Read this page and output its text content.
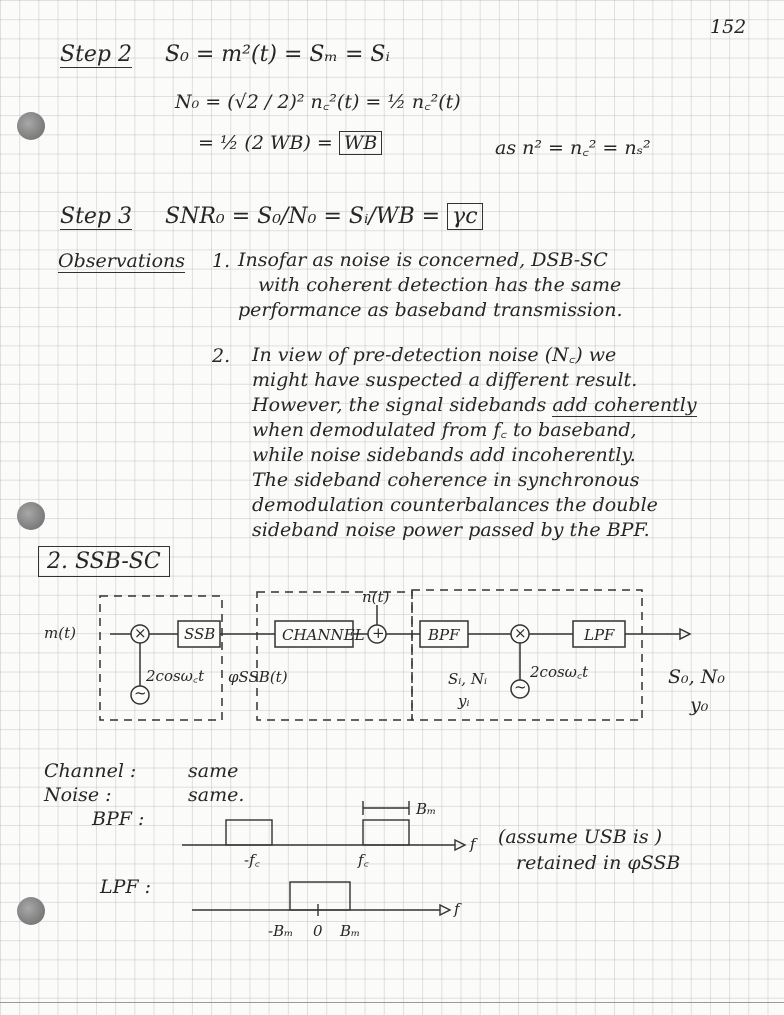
152
Step 2 S₀ = m²(t) = Sₘ = Sᵢ
N₀ = (√2 / 2)² n꜀²(t) = ½ n꜀²(t)
= ½ (2 WB) = WB	as n² = n꜀² = nₛ²
Step 3 SNR₀ = S₀/N₀ = Sᵢ/WB = γc
Observations 1. Insofar as noise is concerned, DSB-SC
with coherent detection has the same
performance as baseband transmission.
2. In view of pre-detection noise (N꜀) we
might have suspected a different result.
However, the signal sidebands add coherently
when demodulated from f꜀ to baseband,
while noise sidebands add incoherently.
The sideband coherence in synchronous
demodulation counterbalances the double
sideband noise power passed by the BPF.
2. SSB-SC
m(t)	× SSB
~
2cosω꜀t φSSB(t)
CHANNEL
n(t)
+	BPF	×
~
2cosω꜀t
LPF
Sᵢ, Nᵢ
yᵢ
S₀, N₀
y₀
Channel :	same
Noise :	same.
BPF :	Bₘ
-f꜀	f꜀
f (assume USB is )
retained in φSSB
LPF :
-Bₘ 0 Bₘ
f
